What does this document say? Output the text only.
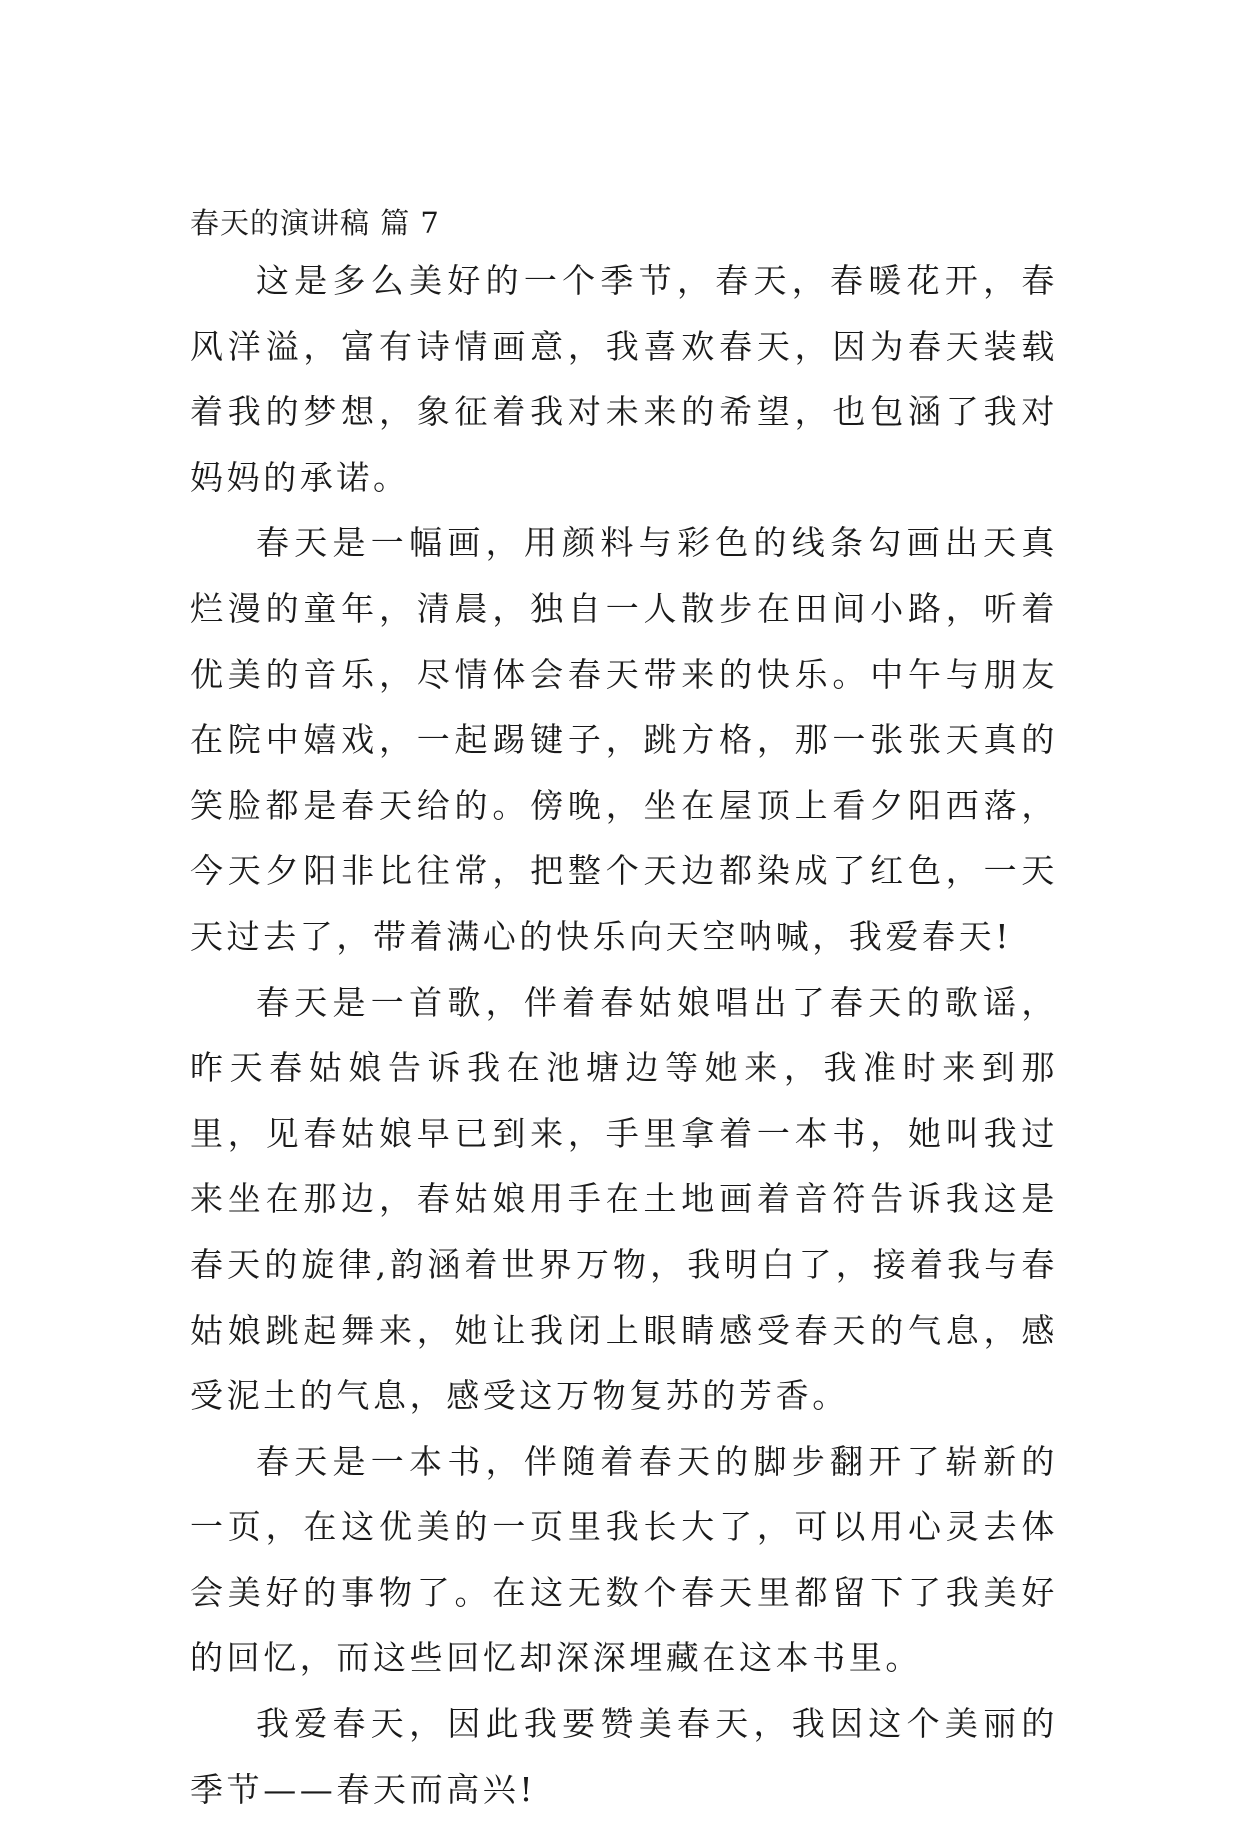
春天的演讲稿 篇 7

这是多么美好的一个季节，春天，春暖花开，春风洋溢，富有诗情画意，我喜欢春天，因为春天装载着我的梦想，象征着我对未来的希望，也包涵了我对妈妈的承诺。

春天是一幅画，用颜料与彩色的线条勾画出天真烂漫的童年，清晨，独自一人散步在田间小路，听着优美的音乐，尽情体会春天带来的快乐。中午与朋友在院中嬉戏，一起踢键子，跳方格，那一张张天真的笑脸都是春天给的。傍晚，坐在屋顶上看夕阳西落，今天夕阳非比往常，把整个天边都染成了红色，一天天过去了，带着满心的快乐向天空呐喊，我爱春天!

春天是一首歌，伴着春姑娘唱出了春天的歌谣，昨天春姑娘告诉我在池塘边等她来，我准时来到那里，见春姑娘早已到来，手里拿着一本书，她叫我过来坐在那边，春姑娘用手在土地画着音符告诉我这是春天的旋律,韵涵着世界万物，我明白了，接着我与春姑娘跳起舞来，她让我闭上眼睛感受春天的气息，感受泥土的气息，感受这万物复苏的芳香。

春天是一本书，伴随着春天的脚步翻开了崭新的一页，在这优美的一页里我长大了，可以用心灵去体会美好的事物了。在这无数个春天里都留下了我美好的回忆，而这些回忆却深深埋藏在这本书里。

我爱春天，因此我要赞美春天，我因这个美丽的季节——春天而高兴!
